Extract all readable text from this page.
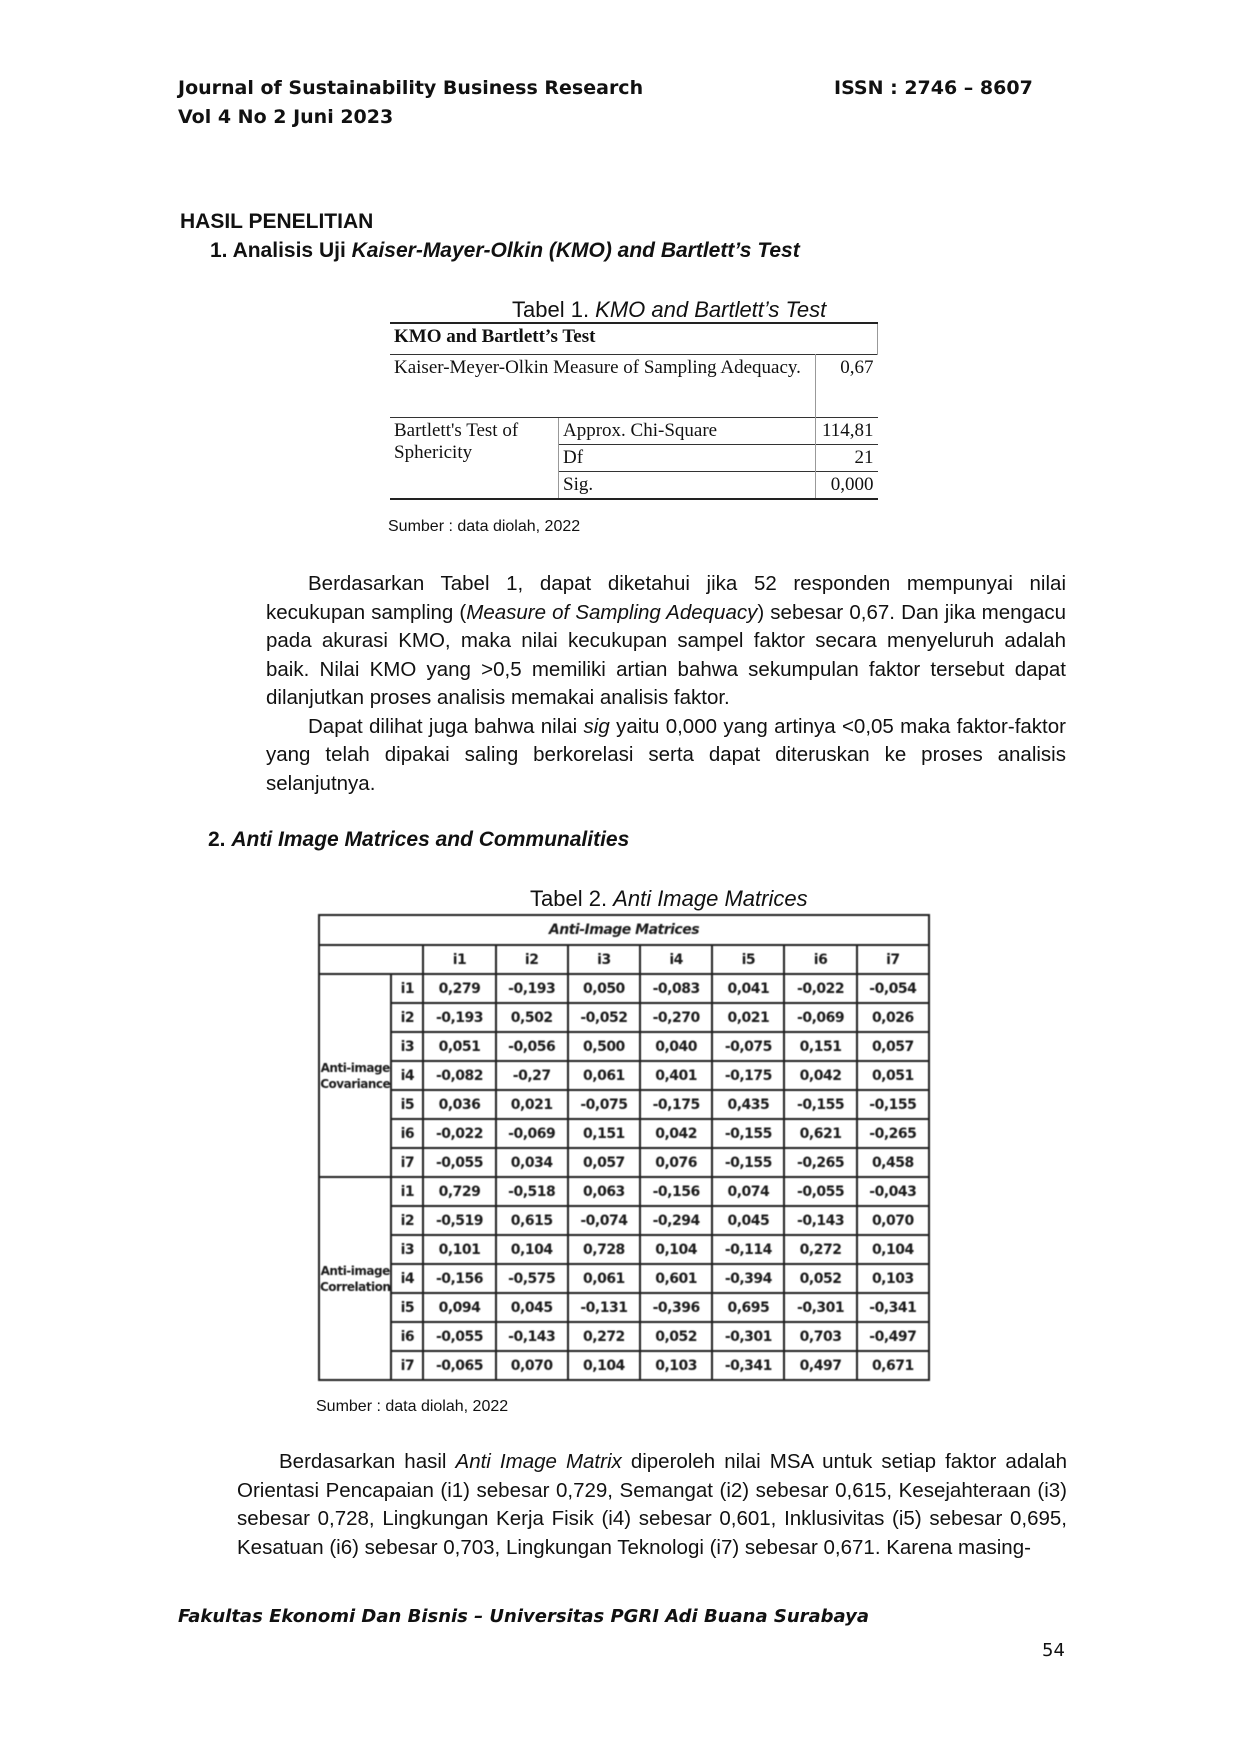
Journal of Sustainability Business Research
Vol 4 No 2 Juni 2023
ISSN : 2746 – 8607
HASIL PENELITIAN
1. Analisis Uji Kaiser-Mayer-Olkin (KMO) and Bartlett’s Test
Tabel 1. KMO and Bartlett’s Test
KMO and Bartlett’s Test		
Kaiser-Meyer-Olkin Measure of Sampling Adequacy.		0,67
Bartlett's Test of Sphericity	Approx. Chi-Square	114,81
	Df	21
	Sig.	0,000
Sumber : data diolah, 2022

Berdasarkan Tabel 1, dapat diketahui jika 52 responden mempunyai nilai kecukupan sampling (Measure of Sampling Adequacy) sebesar 0,67. Dan jika mengacu pada akurasi KMO, maka nilai kecukupan sampel faktor secara menyeluruh adalah baik. Nilai KMO yang >0,5 memiliki artian bahwa sekumpulan faktor tersebut dapat dilanjutkan proses analisis memakai analisis faktor.

Dapat dilihat juga bahwa nilai sig yaitu 0,000 yang artinya <0,05 maka faktor-faktor yang telah dipakai saling berkorelasi serta dapat diteruskan ke proses analisis selanjutnya.

2. Anti Image Matrices and Communalities
Tabel 2. Anti Image Matrices
Anti-Image Matrices								
		i1	i2	i3	i4	i5	i6	i7
Anti-image Covariance	i1	0,279	-0,193	0,050	-0,083	0,041	-0,022	-0,054
	i2	-0,193	0,502	-0,052	-0,270	0,021	-0,069	0,026
	i3	0,051	-0,056	0,500	0,040	-0,075	0,151	0,057
	i4	-0,082	-0,27	0,061	0,401	-0,175	0,042	0,051
	i5	0,036	0,021	-0,075	-0,175	0,435	-0,155	-0,155
	i6	-0,022	-0,069	0,151	0,042	-0,155	0,621	-0,265
	i7	-0,055	0,034	0,057	0,076	-0,155	-0,265	0,458
Anti-image Correlation	i1	0,729	-0,518	0,063	-0,156	0,074	-0,055	-0,043
	i2	-0,519	0,615	-0,074	-0,294	0,045	-0,143	0,070
	i3	0,101	0,104	0,728	0,104	-0,114	0,272	0,104
	i4	-0,156	-0,575	0,061	0,601	-0,394	0,052	0,103
	i5	0,094	0,045	-0,131	-0,396	0,695	-0,301	-0,341
	i6	-0,055	-0,143	0,272	0,052	-0,301	0,703	-0,497
	i7	-0,065	0,070	0,104	0,103	-0,341	0,497	0,671
Sumber : data diolah, 2022

Berdasarkan hasil Anti Image Matrix diperoleh nilai MSA untuk setiap faktor adalah Orientasi Pencapaian (i1) sebesar 0,729, Semangat (i2) sebesar 0,615, Kesejahteraan (i3) sebesar 0,728, Lingkungan Kerja Fisik (i4) sebesar 0,601, Inklusivitas (i5) sebesar 0,695, Kesatuan (i6) sebesar 0,703, Lingkungan Teknologi (i7) sebesar 0,671. Karena masing-

Fakultas Ekonomi Dan Bisnis – Universitas PGRI Adi Buana Surabaya
54
